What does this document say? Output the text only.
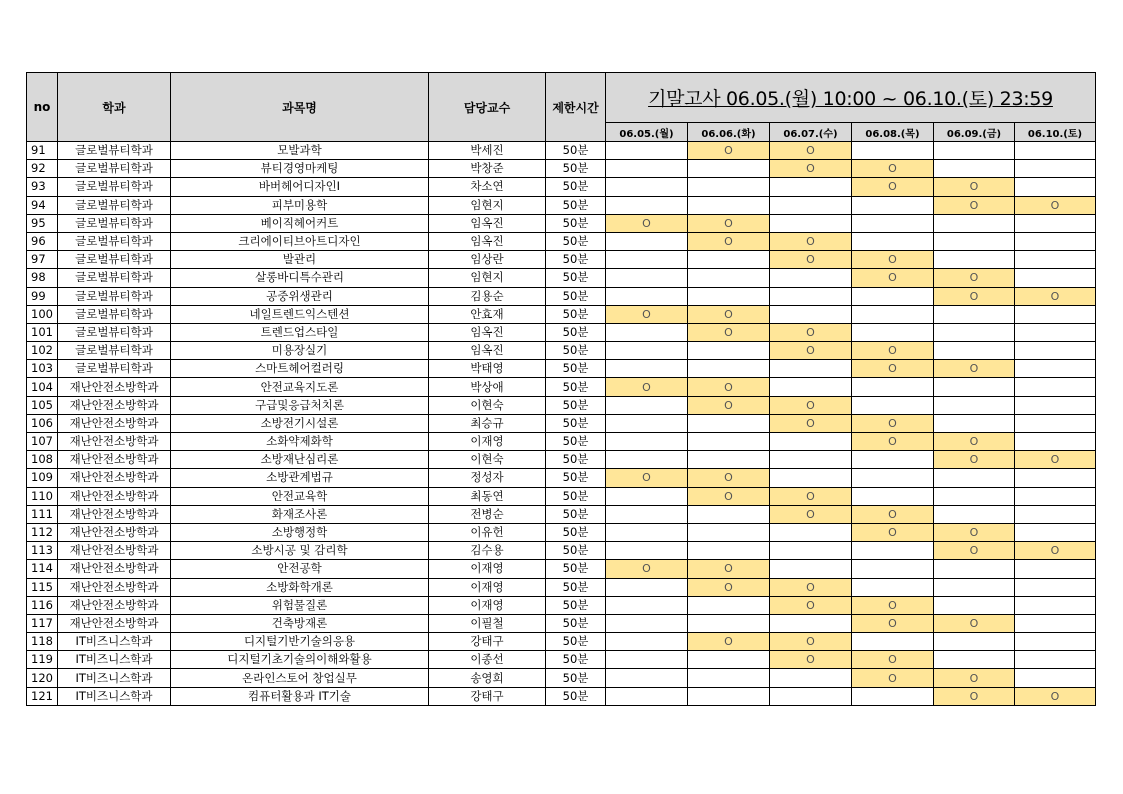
no	학과	과목명	담당교수	제한시간	기말고사 06.05.(월) 10:00 ~ 06.10.(토) 23:59					
					06.05.(월)	06.06.(화)	06.07.(수)	06.08.(목)	06.09.(금)	06.10.(토)
91	글로벌뷰티학과	모발과학	박세진	50분		O	O			
92	글로벌뷰티학과	뷰티경영마케팅	박창준	50분			O	O		
93	글로벌뷰티학과	바버헤어디자인Ⅰ	차소연	50분				O	O	
94	글로벌뷰티학과	피부미용학	임현지	50분					O	O
95	글로벌뷰티학과	베이직헤어커트	임옥진	50분	O	O				
96	글로벌뷰티학과	크리에이티브아트디자인	임옥진	50분		O	O			
97	글로벌뷰티학과	발관리	임상란	50분			O	O		
98	글로벌뷰티학과	살롱바디특수관리	임현지	50분				O	O	
99	글로벌뷰티학과	공중위생관리	김용순	50분					O	O
100	글로벌뷰티학과	네일트렌드익스텐션	안효재	50분	O	O				
101	글로벌뷰티학과	트렌드업스타일	임옥진	50분		O	O			
102	글로벌뷰티학과	미용장실기	임옥진	50분			O	O		
103	글로벌뷰티학과	스마트헤어컬러링	박태영	50분				O	O	
104	재난안전소방학과	안전교육지도론	박상애	50분	O	O				
105	재난안전소방학과	구급및응급처치론	이현숙	50분		O	O			
106	재난안전소방학과	소방전기시설론	최승규	50분			O	O		
107	재난안전소방학과	소화약제화학	이재영	50분				O	O	
108	재난안전소방학과	소방재난심리론	이현숙	50분					O	O
109	재난안전소방학과	소방관계법규	정성자	50분	O	O				
110	재난안전소방학과	안전교육학	최동연	50분		O	O			
111	재난안전소방학과	화재조사론	전병순	50분			O	O		
112	재난안전소방학과	소방행정학	이유헌	50분				O	O	
113	재난안전소방학과	소방시공 및 감리학	김수용	50분					O	O
114	재난안전소방학과	안전공학	이재영	50분	O	O				
115	재난안전소방학과	소방화학개론	이재영	50분		O	O			
116	재난안전소방학과	위험물질론	이재영	50분			O	O		
117	재난안전소방학과	건축방재론	이필철	50분				O	O	
118	IT비즈니스학과	디지털기반기술의응용	강태구	50분		O	O			
119	IT비즈니스학과	디지털기초기술의이해와활용	이종선	50분			O	O		
120	IT비즈니스학과	온라인스토어 창업실무	송영희	50분				O	O	
121	IT비즈니스학과	컴퓨터활용과 IT기술	강태구	50분					O	O
